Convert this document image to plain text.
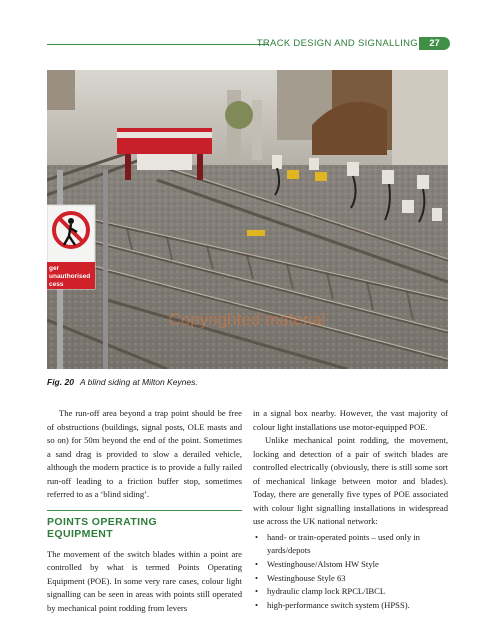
TRACK DESIGN AND SIGNALLING	27
ger
unauthorised
cess
Copyrighted material
Fig. 20 A blind siding at Milton Keynes.

The run-off area beyond a trap point should be free of obstructions (buildings, signal posts, OLE masts and so on) for 50m beyond the end of the point. Sometimes a sand drag is provided to slow a derailed vehicle, although the modern practice is to provide a fully railed run-off leading to a friction buffer stop, sometimes referred to as a ‘blind siding’.

POINTS OPERATING
EQUIPMENT

The movement of the switch blades within a point are controlled by what is termed Points Operating Equipment (POE). In some very rare cases, colour light signalling can be seen in areas with points still operated by mechanical point rodding from levers

in a signal box nearby. However, the vast majority of colour light installations use motor-equipped POE.

Unlike mechanical point rodding, the movement, locking and detection of a pair of switch blades are controlled electrically (obviously, there is still some sort of mechanical linkage between motor and blades). Today, there are generally five types of POE associated with colour light signalling installations in widespread use across the UK national network:

• hand- or train-operated points – used only in yards/depots
• Westinghouse/Alstom HW Style
• Westinghouse Style 63
• hydraulic clamp lock RPCL/IBCL
• high-performance switch system (HPSS).
